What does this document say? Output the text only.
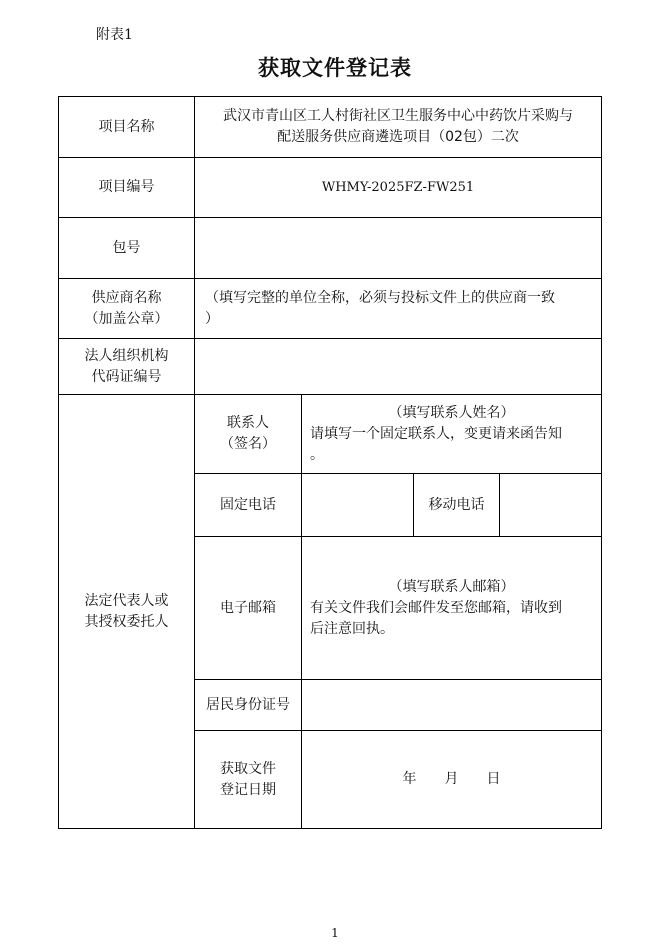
附表1
获取文件登记表
项目名称
武汉市青山区工人村街社区卫生服务中心中药饮片采购与
配送服务供应商遴选项目（02包）二次
项目编号	WHMY-2025FZ-FW251
包号
供应商名称
（加盖公章）
（填写完整的单位全称，必须与投标文件上的供应商一致
）
法人组织机构
代码证编号
法定代表人或
其授权委托人
联系人
（签名）
（填写联系人姓名）
请填写一个固定联系人，变更请来函告知
。
固定电话	移动电话
电子邮箱
（填写联系人邮箱）
有关文件我们会邮件发至您邮箱，请收到
后注意回执。
居民身份证号
获取文件
登记日期
年　　月　　日
1
